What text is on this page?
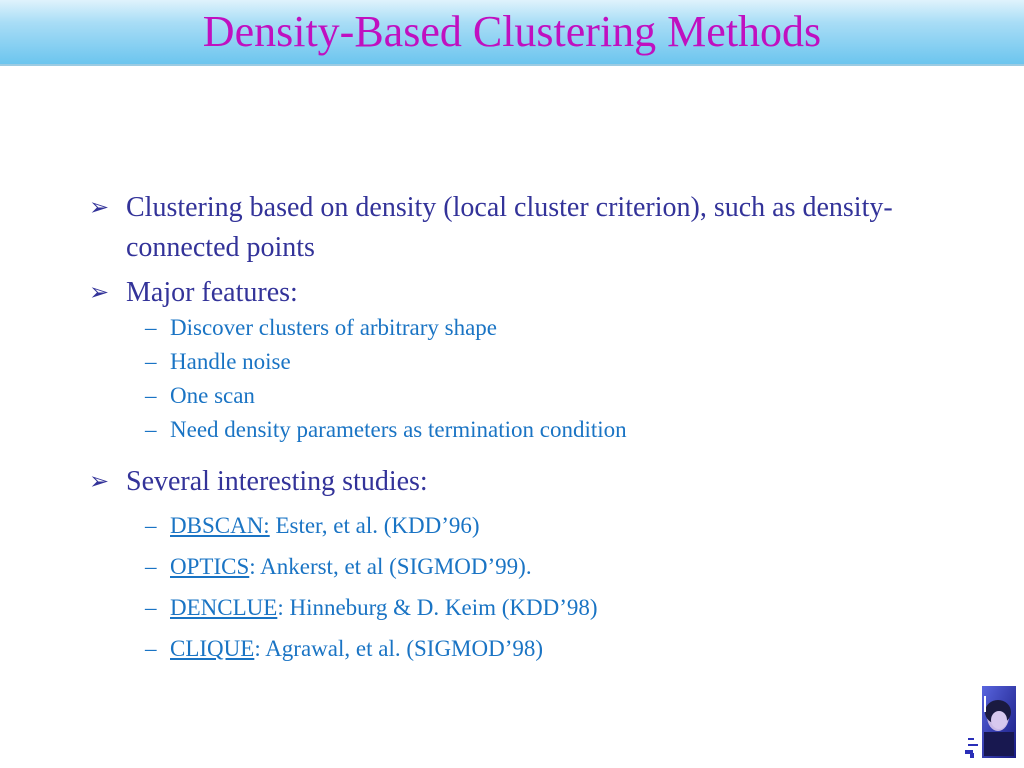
Density-Based Clustering Methods
➢ Clustering based on density (local cluster criterion), such as density-connected points
➢ Major features:
– Discover clusters of arbitrary shape
– Handle noise
– One scan
– Need density parameters as termination condition
➢ Several interesting studies:
– DBSCAN: Ester, et al. (KDD’96)
– OPTICS: Ankerst, et al (SIGMOD’99).
– DENCLUE: Hinneburg & D. Keim (KDD’98)
– CLIQUE: Agrawal, et al. (SIGMOD’98)
